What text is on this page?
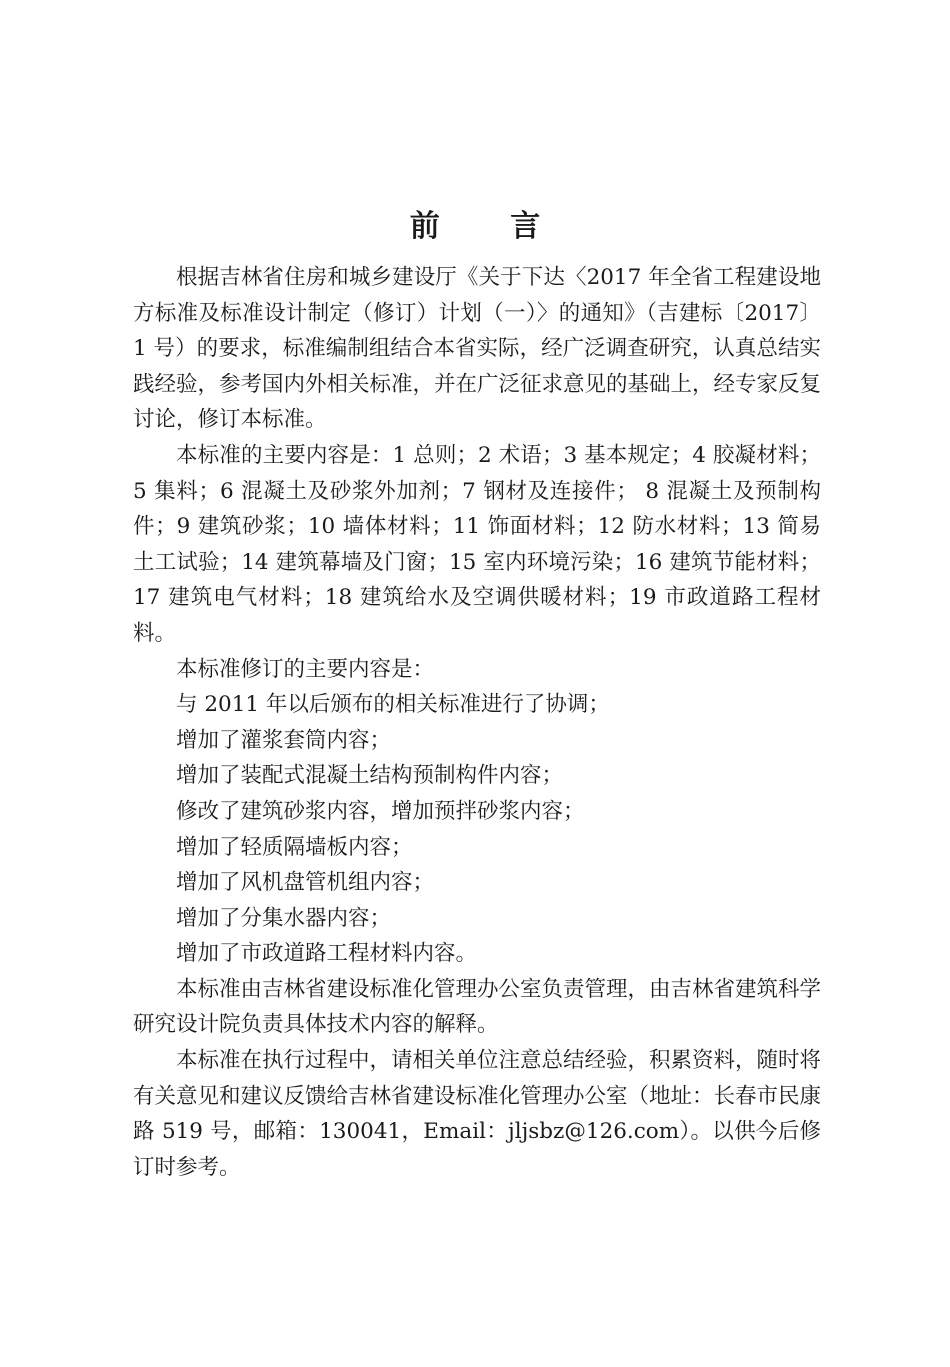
前 言

根据吉林省住房和城乡建设厅《关于下达〈2017 年全省工程建设地方标准及标准设计制定（修订）计划（一）〉的通知》（吉建标〔2017〕1 号）的要求，标准编制组结合本省实际，经广泛调查研究，认真总结实践经验，参考国内外相关标准，并在广泛征求意见的基础上，经专家反复讨论，修订本标准。

本标准的主要内容是：1 总则；2 术语；3 基本规定；4 胶凝材料；5 集料；6 混凝土及砂浆外加剂；7 钢材及连接件； 8 混凝土及预制构件；9 建筑砂浆；10 墙体材料；11 饰面材料；12 防水材料；13 简易土工试验；14 建筑幕墙及门窗；15 室内环境污染；16 建筑节能材料；17 建筑电气材料；18 建筑给水及空调供暖材料；19 市政道路工程材料。

本标准修订的主要内容是：

与 2011 年以后颁布的相关标准进行了协调；

增加了灌浆套筒内容；

增加了装配式混凝土结构预制构件内容；

修改了建筑砂浆内容，增加预拌砂浆内容；

增加了轻质隔墙板内容；

增加了风机盘管机组内容；

增加了分集水器内容；

增加了市政道路工程材料内容。

本标准由吉林省建设标准化管理办公室负责管理，由吉林省建筑科学研究设计院负责具体技术内容的解释。

本标准在执行过程中，请相关单位注意总结经验，积累资料，随时将有关意见和建议反馈给吉林省建设标准化管理办公室（地址：长春市民康路 519 号，邮箱：130041，Email：jljsbz@126.com）。以供今后修订时参考。
